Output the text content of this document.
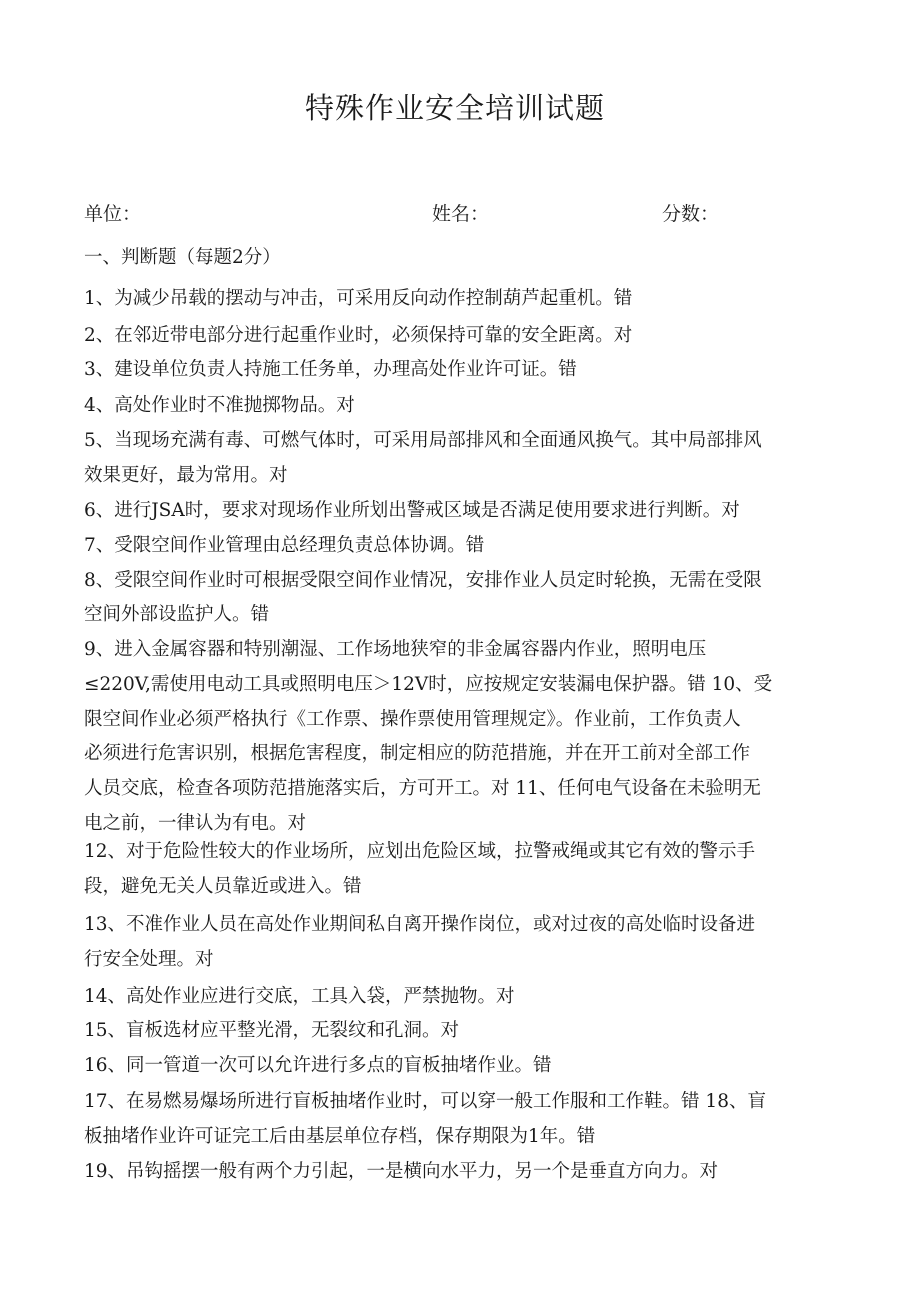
特殊作业安全培训试题
单位：	姓名：	分数：
一、判断题（每题2分）
1、为减少吊载的摆动与冲击，可采用反向动作控制葫芦起重机。错
2、在邻近带电部分进行起重作业时，必须保持可靠的安全距离。对
3、建设单位负责人持施工任务单，办理高处作业许可证。错
4、高处作业时不准抛掷物品。对
5、当现场充满有毒、可燃气体时，可采用局部排风和全面通风换气。其中局部排风
效果更好，最为常用。对
6、进行JSA时，要求对现场作业所划出警戒区域是否满足使用要求进行判断。对
7、受限空间作业管理由总经理负责总体协调。错
8、受限空间作业时可根据受限空间作业情况，安排作业人员定时轮换，无需在受限
空间外部设监护人。错
9、进入金属容器和特别潮湿、工作场地狭窄的非金属容器内作业，照明电压
≤220V,需使用电动工具或照明电压＞12V时，应按规定安装漏电保护器。错 10、受
限空间作业必须严格执行《工作票、操作票使用管理规定》。作业前，工作负责人
必须进行危害识别，根据危害程度，制定相应的防范措施，并在开工前对全部工作
人员交底，检查各项防范措施落实后，方可开工。对 11、任何电气设备在未验明无
电之前，一律认为有电。对
12、对于危险性较大的作业场所，应划出危险区域，拉警戒绳或其它有效的警示手
段，避免无关人员靠近或进入。错
13、不准作业人员在高处作业期间私自离开操作岗位，或对过夜的高处临时设备进
行安全处理。对
14、高处作业应进行交底，工具入袋，严禁抛物。对
15、盲板选材应平整光滑，无裂纹和孔洞。对
16、同一管道一次可以允许进行多点的盲板抽堵作业。错
17、在易燃易爆场所进行盲板抽堵作业时，可以穿一般工作服和工作鞋。错 18、盲
板抽堵作业许可证完工后由基层单位存档，保存期限为1年。错
19、吊钩摇摆一般有两个力引起，一是横向水平力，另一个是垂直方向力。对
